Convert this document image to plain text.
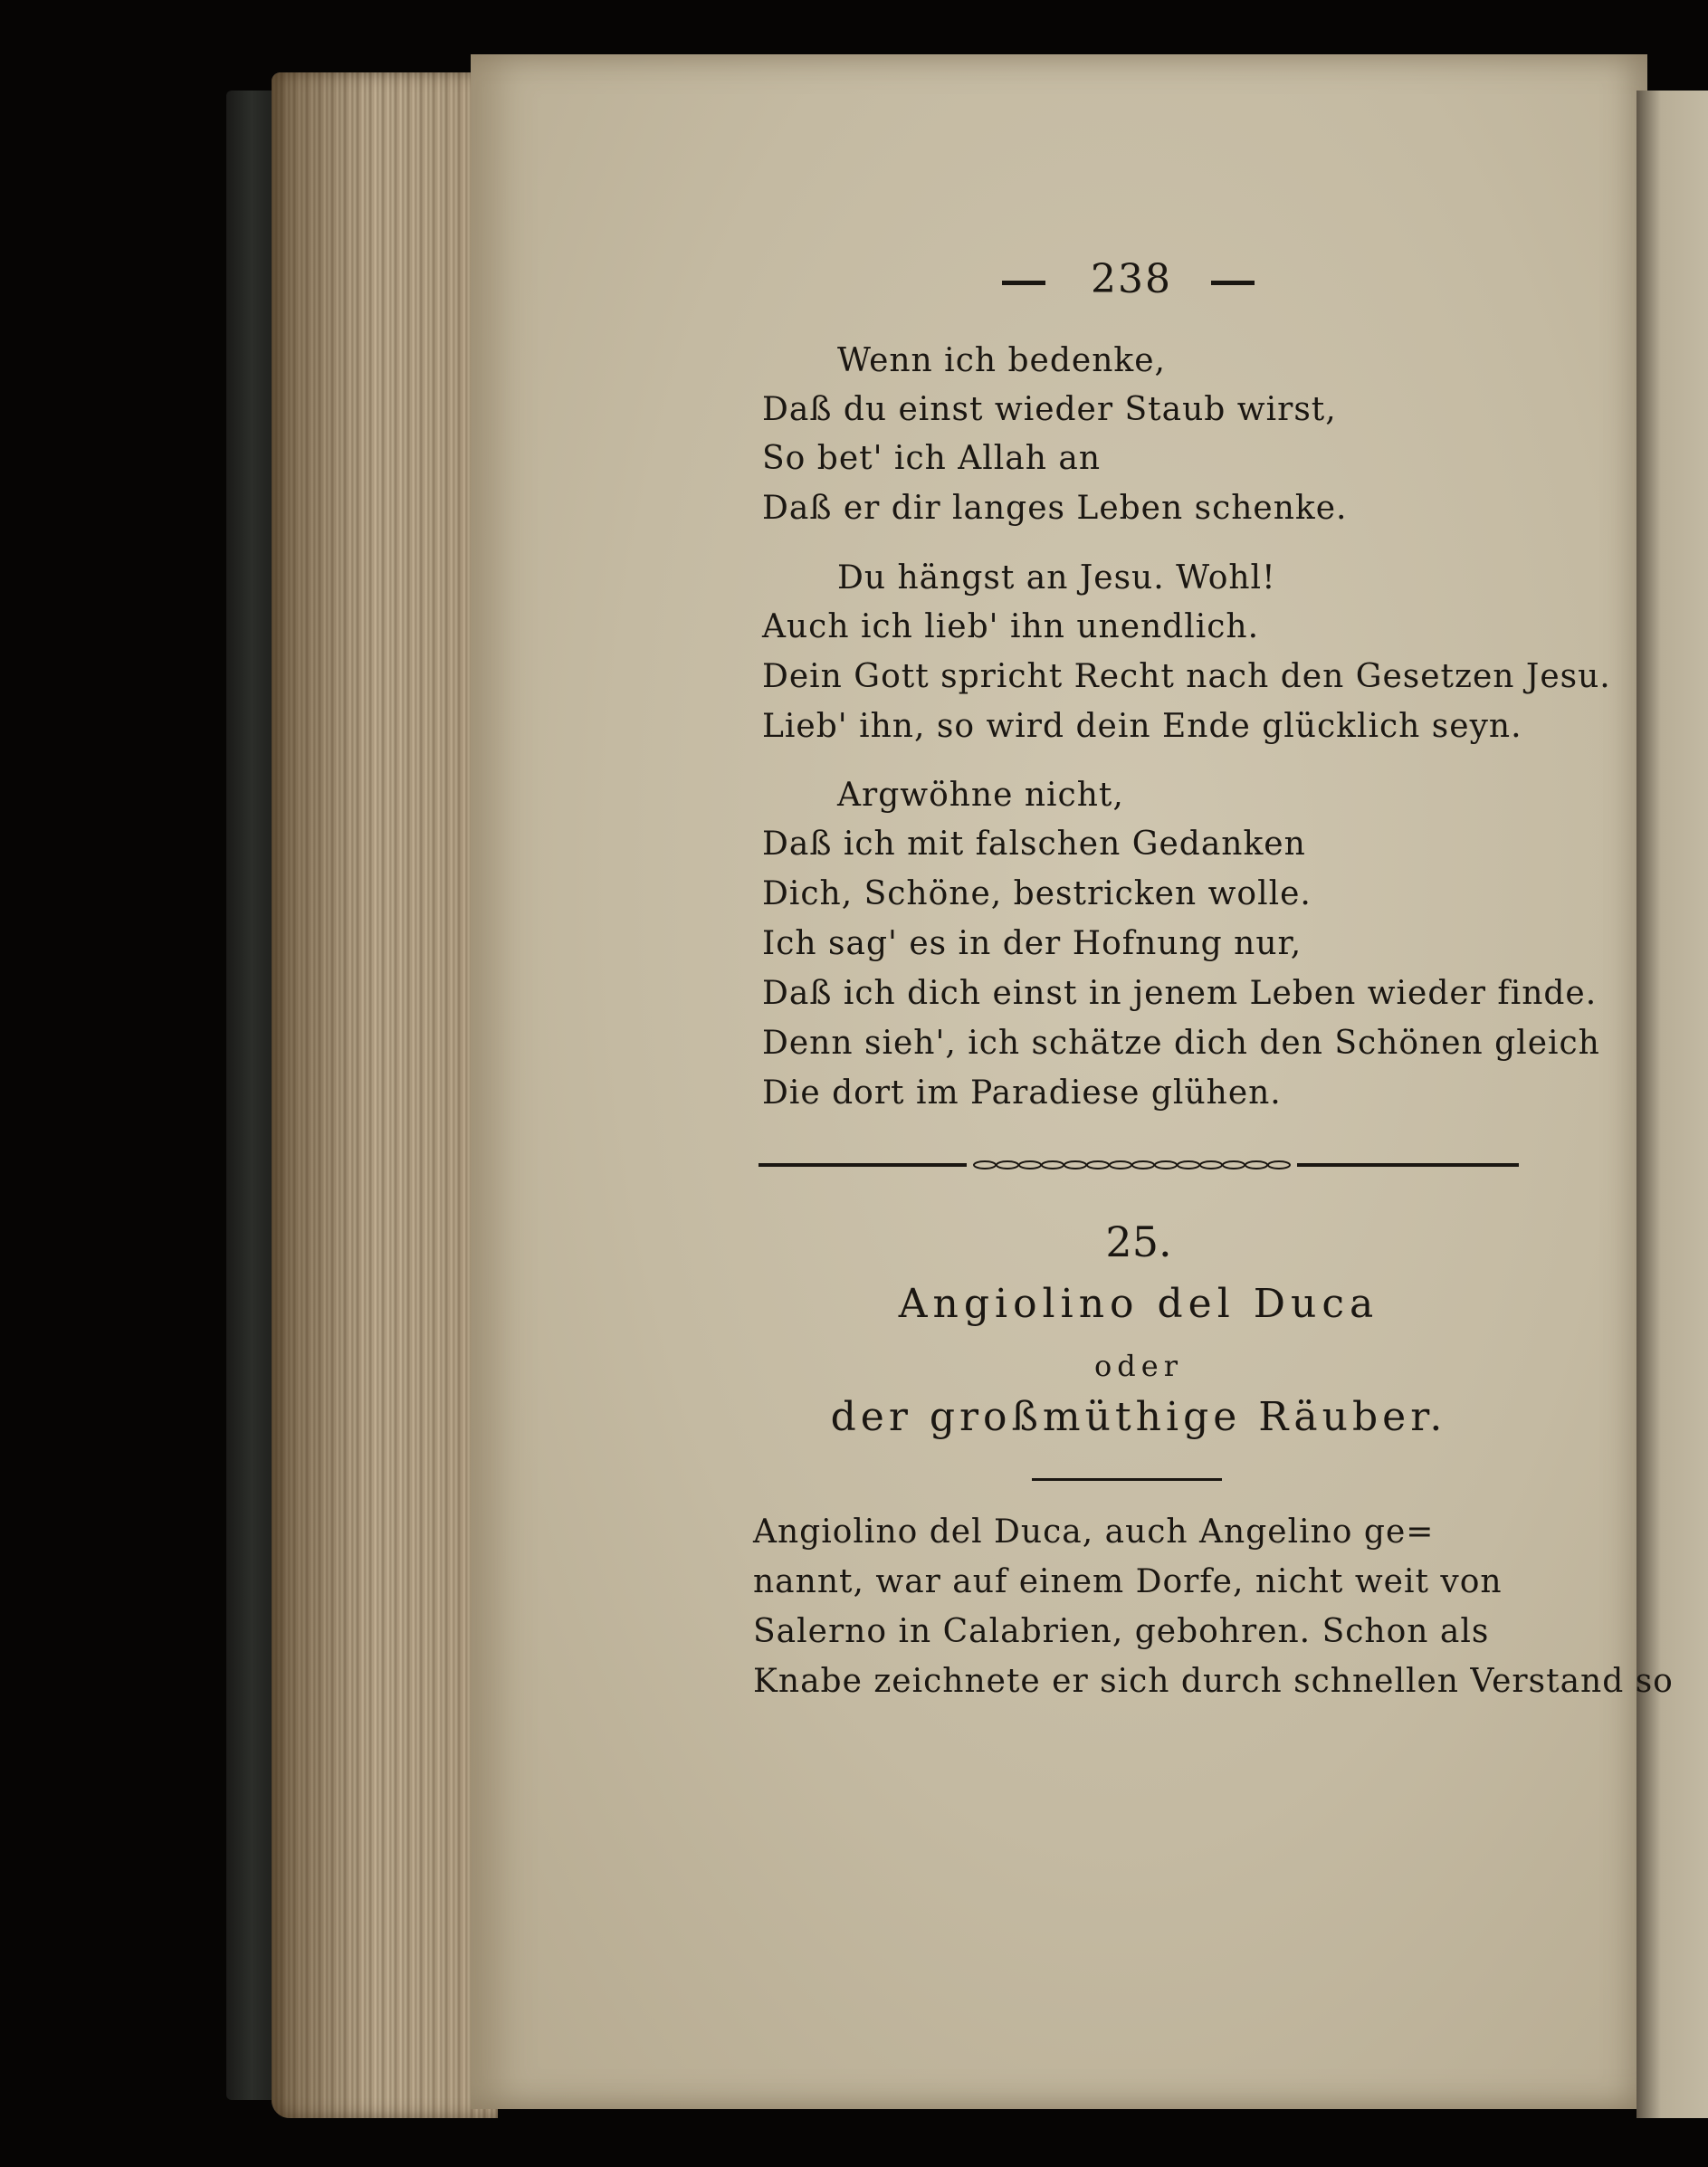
238
Wenn ich bedenke,
Daß du einst wieder Staub wirst,
So bet' ich Allah an
Daß er dir langes Leben schenke.
Du hängst an Jesu. Wohl!
Auch ich lieb' ihn unendlich.
Dein Gott spricht Recht nach den Gesetzen Jesu.
Lieb' ihn, so wird dein Ende glücklich seyn.
Argwöhne nicht,
Daß ich mit falschen Gedanken
Dich, Schöne, bestricken wolle.
Ich sag' es in der Hofnung nur,
Daß ich dich einst in jenem Leben wieder finde.
Denn sieh', ich schätze dich den Schönen gleich
Die dort im Paradiese glühen.
25.
Angiolino del Duca
oder
der großmüthige Räuber.
Angiolino del Duca, auch Angelino ge=
nannt, war auf einem Dorfe, nicht weit von
Salerno in Calabrien, gebohren. Schon als
Knabe zeichnete er sich durch schnellen Verstand so
